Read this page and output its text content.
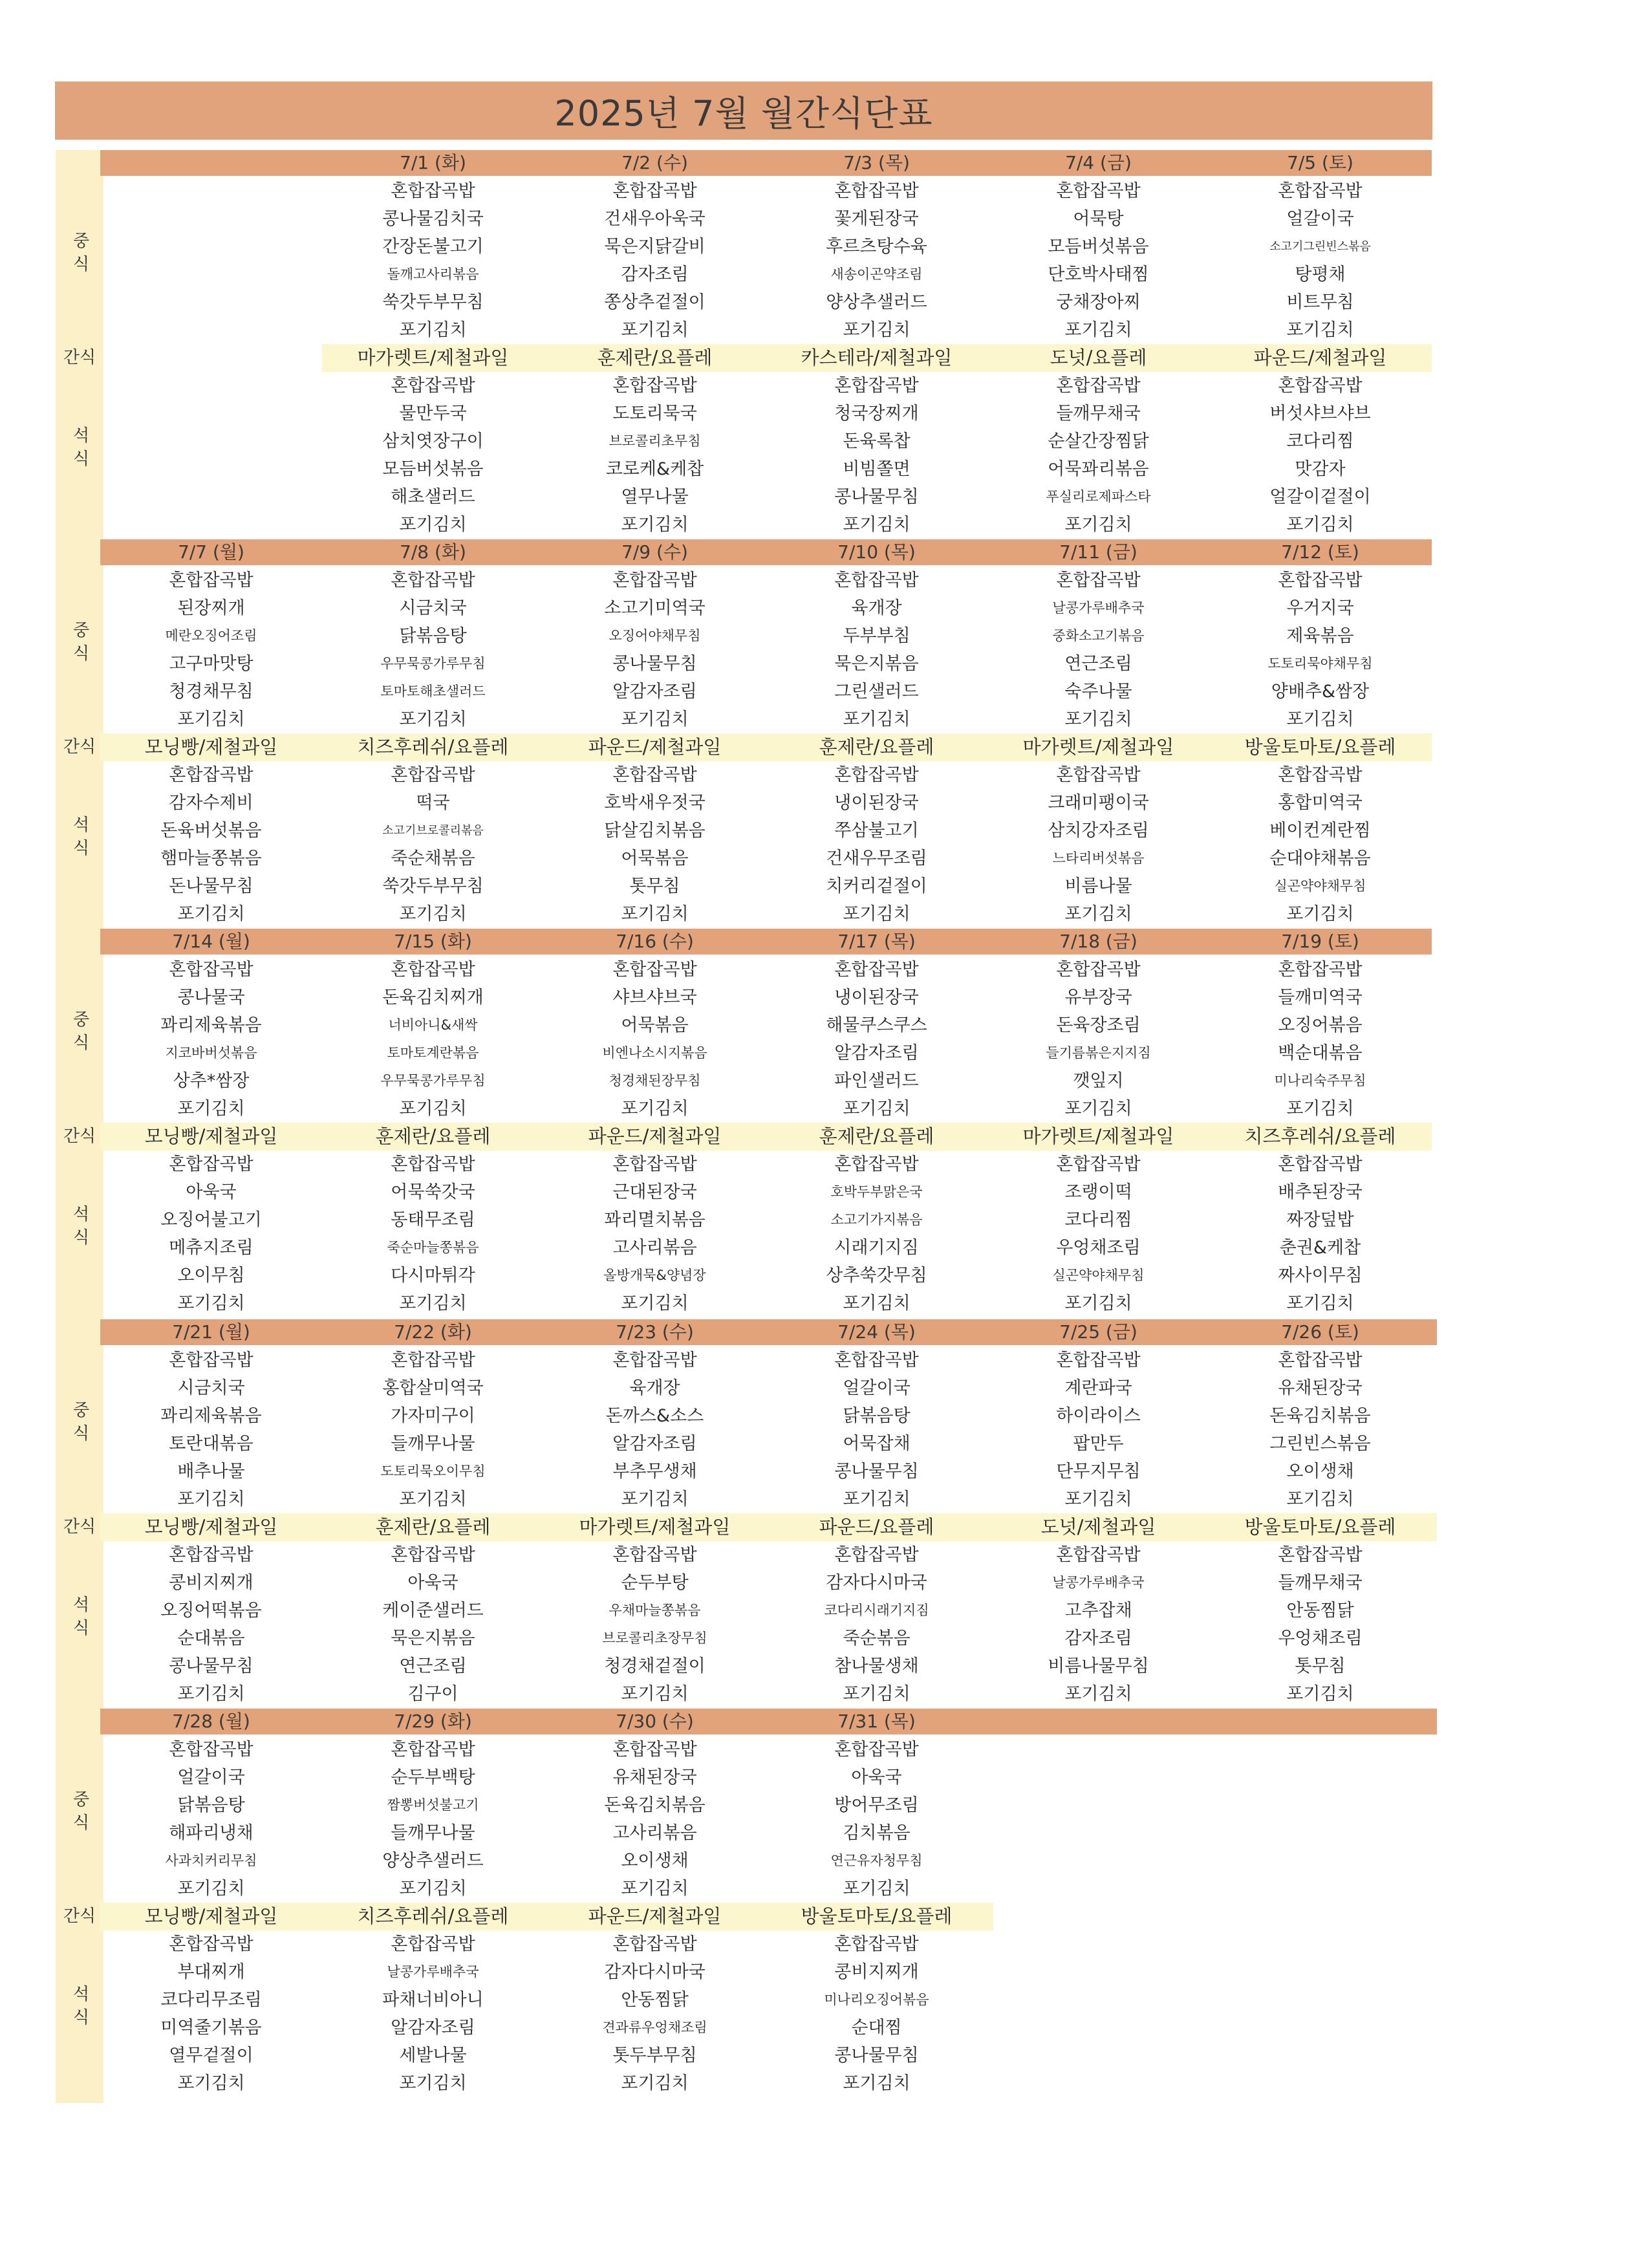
2025년 7월 월간식단표
7/1 (화)	7/2 (수)	7/3 (목)	7/4 (금)	7/5 (토)
혼합잡곡밥	혼합잡곡밥	혼합잡곡밥	혼합잡곡밥	혼합잡곡밥
콩나물김치국	건새우아욱국	꽃게된장국	어묵탕	얼갈이국
간장돈불고기	묵은지닭갈비	후르츠탕수육	모듬버섯볶음	소고기그린빈스볶음
돌깨고사리볶음	감자조림	새송이곤약조림	단호박사태찜	탕평채
쑥갓두부무침	쫑상추겉절이	양상추샐러드	궁채장아찌	비트무침
포기김치	포기김치	포기김치	포기김치	포기김치
중식
마가렛트/제철과일	훈제란/요플레	카스테라/제철과일	도넛/요플레	파운드/제철과일
간식
혼합잡곡밥	혼합잡곡밥	혼합잡곡밥	혼합잡곡밥	혼합잡곡밥
물만두국	도토리묵국	청국장찌개	들깨무채국	버섯샤브샤브
삼치엿장구이	브로콜리초무침	돈육록찹	순살간장찜닭	코다리찜
모듬버섯볶음	코로케&케찹	비빔쫄면	어묵꽈리볶음	맛감자
해초샐러드	열무나물	콩나물무침	푸실리로제파스타	얼갈이겉절이
포기김치	포기김치	포기김치	포기김치	포기김치
석식
7/7 (월)	7/8 (화)	7/9 (수)	7/10 (목)	7/11 (금)	7/12 (토)
혼합잡곡밥	혼합잡곡밥	혼합잡곡밥	혼합잡곡밥	혼합잡곡밥	혼합잡곡밥
된장찌개	시금치국	소고기미역국	육개장	날콩가루배추국	우거지국
메란오징어조림	닭볶음탕	오징어야채무침	두부부침	중화소고기볶음	제육볶음
고구마맛탕	우무묵콩가루무침	콩나물무침	묵은지볶음	연근조림	도토리묵야채무침
청경채무침	토마토해초샐러드	알감자조림	그린샐러드	숙주나물	양배추&쌈장
포기김치	포기김치	포기김치	포기김치	포기김치	포기김치
중식
모닝빵/제철과일	치즈후레쉬/요플레	파운드/제철과일	훈제란/요플레	마가렛트/제철과일	방울토마토/요플레
간식
혼합잡곡밥	혼합잡곡밥	혼합잡곡밥	혼합잡곡밥	혼합잡곡밥	혼합잡곡밥
감자수제비	떡국	호박새우젓국	냉이된장국	크래미팽이국	홍합미역국
돈육버섯볶음	소고기브로콜리볶음	닭살김치볶음	쭈삼불고기	삼치강자조림	베이컨계란찜
햄마늘쫑볶음	죽순채볶음	어묵볶음	건새우무조림	느타리버섯볶음	순대야채볶음
돈나물무침	쑥갓두부무침	톳무침	치커리겉절이	비름나물	실곤약야채무침
포기김치	포기김치	포기김치	포기김치	포기김치	포기김치
석식
7/14 (월)	7/15 (화)	7/16 (수)	7/17 (목)	7/18 (금)	7/19 (토)
혼합잡곡밥	혼합잡곡밥	혼합잡곡밥	혼합잡곡밥	혼합잡곡밥	혼합잡곡밥
콩나물국	돈육김치찌개	샤브샤브국	냉이된장국	유부장국	들깨미역국
꽈리제육볶음	너비아니&새싹	어묵볶음	해물쿠스쿠스	돈육장조림	오징어볶음
지코바버섯볶음	토마토계란볶음	비엔나소시지볶음	알감자조림	들기름볶은지지짐	백순대볶음
상추*쌈장	우무묵콩가루무침	청경채된장무침	파인샐러드	깻잎지	미나리숙주무침
포기김치	포기김치	포기김치	포기김치	포기김치	포기김치
중식
모닝빵/제철과일	훈제란/요플레	파운드/제철과일	훈제란/요플레	마가렛트/제철과일	치즈후레쉬/요플레
간식
혼합잡곡밥	혼합잡곡밥	혼합잡곡밥	혼합잡곡밥	혼합잡곡밥	혼합잡곡밥
아욱국	어묵쑥갓국	근대된장국	호박두부맑은국	조랭이떡	배추된장국
오징어불고기	동태무조림	꽈리멸치볶음	소고기가지볶음	코다리찜	짜장덮밥
메츄지조림	죽순마늘쫑볶음	고사리볶음	시래기지짐	우엉채조림	춘권&케찹
오이무침	다시마튀각	올방개묵&양념장	상추쑥갓무침	실곤약야채무침	짜사이무침
포기김치	포기김치	포기김치	포기김치	포기김치	포기김치
석식
7/21 (월)	7/22 (화)	7/23 (수)	7/24 (목)	7/25 (금)	7/26 (토)
혼합잡곡밥	혼합잡곡밥	혼합잡곡밥	혼합잡곡밥	혼합잡곡밥	혼합잡곡밥
시금치국	홍합살미역국	육개장	얼갈이국	계란파국	유채된장국
꽈리제육볶음	가자미구이	돈까스&소스	닭볶음탕	하이라이스	돈육김치볶음
토란대볶음	들깨무나물	알감자조림	어묵잡채	팝만두	그린빈스볶음
배추나물	도토리묵오이무침	부추무생채	콩나물무침	단무지무침	오이생채
포기김치	포기김치	포기김치	포기김치	포기김치	포기김치
중식
모닝빵/제철과일	훈제란/요플레	마가렛트/제철과일	파운드/요플레	도넛/제철과일	방울토마토/요플레
간식
혼합잡곡밥	혼합잡곡밥	혼합잡곡밥	혼합잡곡밥	혼합잡곡밥	혼합잡곡밥
콩비지찌개	아욱국	순두부탕	감자다시마국	날콩가루배추국	들깨무채국
오징어떡볶음	케이준샐러드	우채마늘쫑볶음	코다리시래기지짐	고추잡채	안동찜닭
순대볶음	묵은지볶음	브로콜리초장무침	죽순볶음	감자조림	우엉채조림
콩나물무침	연근조림	청경채겉절이	참나물생채	비름나물무침	톳무침
포기김치	김구이	포기김치	포기김치	포기김치	포기김치
석식
7/28 (월)	7/29 (화)	7/30 (수)	7/31 (목)
혼합잡곡밥	혼합잡곡밥	혼합잡곡밥	혼합잡곡밥
얼갈이국	순두부백탕	유채된장국	아욱국
닭볶음탕	짬뽕버섯불고기	돈육김치볶음	방어무조림
해파리냉채	들깨무나물	고사리볶음	김치볶음
사과치커리무침	양상추샐러드	오이생채	연근유자청무침
포기김치	포기김치	포기김치	포기김치
중식
모닝빵/제철과일	치즈후레쉬/요플레	파운드/제철과일	방울토마토/요플레
간식
혼합잡곡밥	혼합잡곡밥	혼합잡곡밥	혼합잡곡밥
부대찌개	날콩가루배추국	감자다시마국	콩비지찌개
코다리무조림	파채너비아니	안동찜닭	미나리오징어볶음
미역줄기볶음	알감자조림	견과류우엉채조림	순대찜
열무겉절이	세발나물	톳두부무침	콩나물무침
포기김치	포기김치	포기김치	포기김치
석식
